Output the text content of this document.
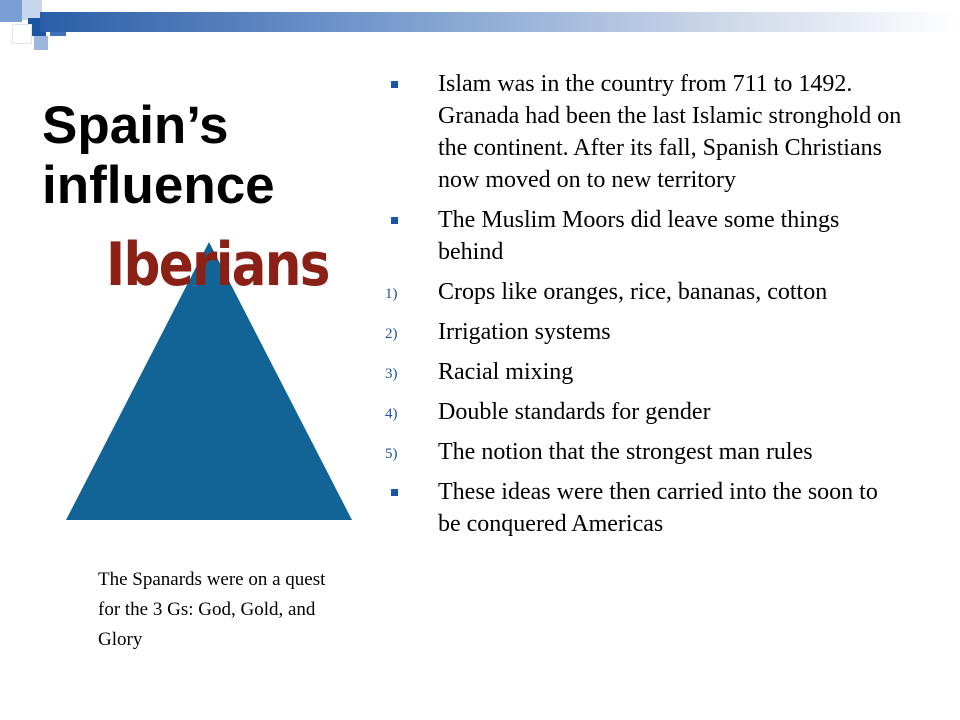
Spain’s
influence
Iberians
The Spanards were on a quest for the 3 Gs: God, Gold, and Glory
Islam was in the country from 711 to 1492. Granada had been the last Islamic stronghold on the continent. After its fall, Spanish Christians now moved on to new territory
The Muslim Moors did leave some things behind
1)	Crops like oranges, rice, bananas, cotton
2)	Irrigation systems
3)	Racial mixing
4)	Double standards for gender
5)	The notion that the strongest man rules
These ideas were then carried into the soon to be conquered Americas
